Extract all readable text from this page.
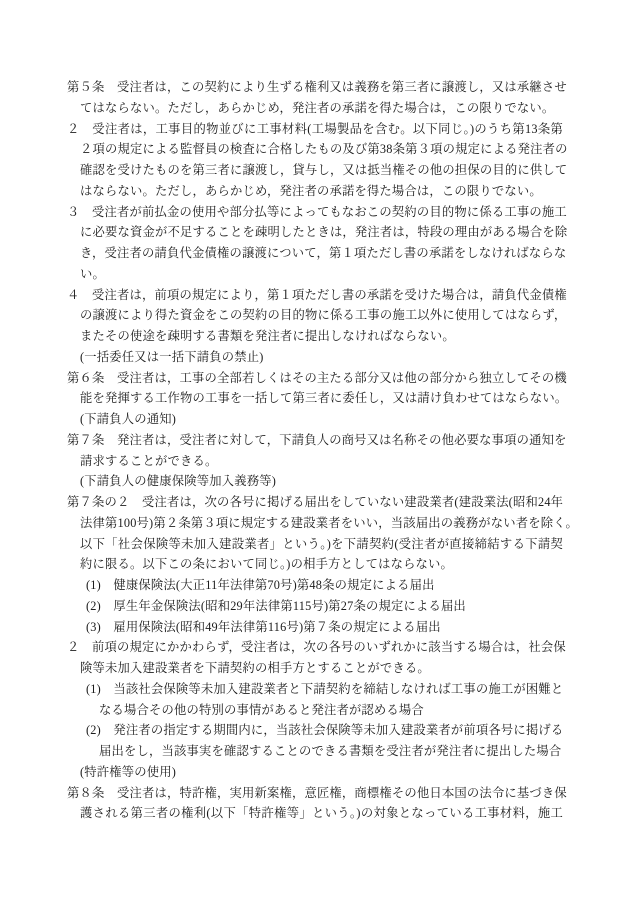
第５条　受注者は，この契約により生ずる権利又は義務を第三者に譲渡し，又は承継させ
てはならない。ただし，あらかじめ，発注者の承諾を得た場合は，この限りでない。
２　受注者は，工事目的物並びに工事材料(工場製品を含む。以下同じ。)のうち第13条第
２項の規定による監督員の検査に合格したもの及び第38条第３項の規定による発注者の
確認を受けたものを第三者に譲渡し，貸与し，又は抵当権その他の担保の目的に供して
はならない。ただし，あらかじめ，発注者の承諾を得た場合は，この限りでない。
３　受注者が前払金の使用や部分払等によってもなおこの契約の目的物に係る工事の施工
に必要な資金が不足することを疎明したときは，発注者は，特段の理由がある場合を除
き，受注者の請負代金債権の譲渡について，第１項ただし書の承諾をしなければならな
い。
４　受注者は，前項の規定により，第１項ただし書の承諾を受けた場合は，請負代金債権
の譲渡により得た資金をこの契約の目的物に係る工事の施工以外に使用してはならず，
またその使途を疎明する書類を発注者に提出しなければならない。
(一括委任又は一括下請負の禁止)
第６条　受注者は，工事の全部若しくはその主たる部分又は他の部分から独立してその機
能を発揮する工作物の工事を一括して第三者に委任し，又は請け負わせてはならない。
(下請負人の通知)
第７条　発注者は，受注者に対して，下請負人の商号又は名称その他必要な事項の通知を
請求することができる。
(下請負人の健康保険等加入義務等)
第７条の２　受注者は，次の各号に掲げる届出をしていない建設業者(建設業法(昭和24年
法律第100号)第２条第３項に規定する建設業者をいい，当該届出の義務がない者を除く。
以下「社会保険等未加入建設業者」という。)を下請契約(受注者が直接締結する下請契
約に限る。以下この条において同じ。)の相手方としてはならない。
(1)　健康保険法(大正11年法律第70号)第48条の規定による届出
(2)　厚生年金保険法(昭和29年法律第115号)第27条の規定による届出
(3)　雇用保険法(昭和49年法律第116号)第７条の規定による届出
２　前項の規定にかかわらず，受注者は，次の各号のいずれかに該当する場合は，社会保
険等未加入建設業者を下請契約の相手方とすることができる。
(1)　当該社会保険等未加入建設業者と下請契約を締結しなければ工事の施工が困難と
なる場合その他の特別の事情があると発注者が認める場合
(2)　発注者の指定する期間内に，当該社会保険等未加入建設業者が前項各号に掲げる
届出をし，当該事実を確認することのできる書類を受注者が発注者に提出した場合
(特許権等の使用)
第８条　受注者は，特許権，実用新案権，意匠権，商標権その他日本国の法令に基づき保
護される第三者の権利(以下「特許権等」という。)の対象となっている工事材料，施工
